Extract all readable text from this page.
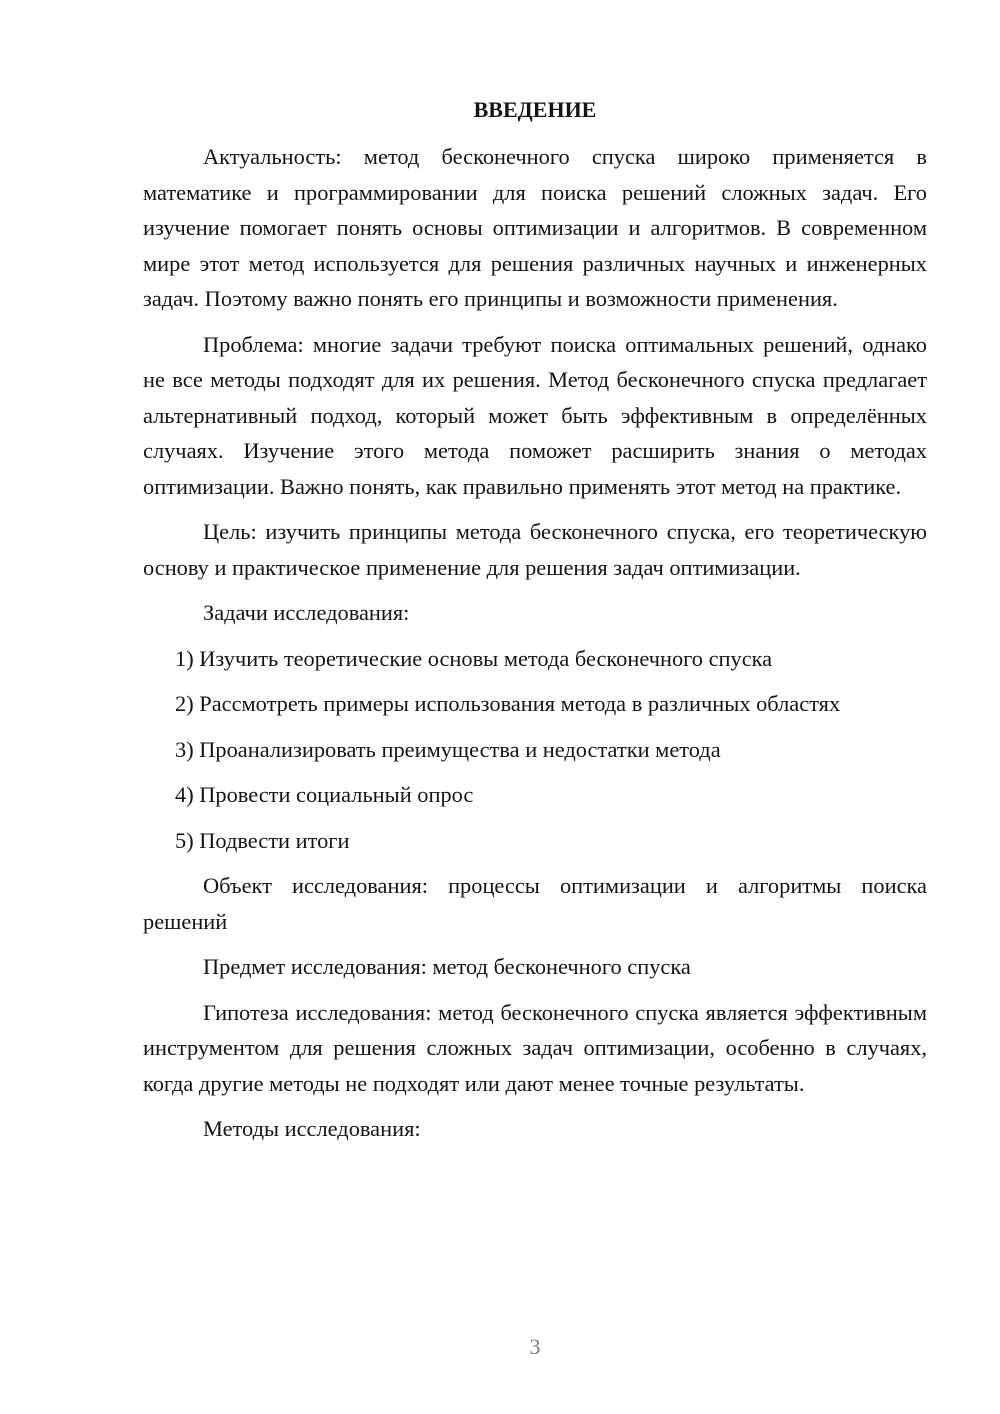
ВВЕДЕНИЕ

Актуальность: метод бесконечного спуска широко применяется в математике и программировании для поиска решений сложных задач. Его изучение помогает понять основы оптимизации и алгоритмов. В современном мире этот метод используется для решения различных научных и инженерных задач. Поэтому важно понять его принципы и возможности применения.

Проблема: многие задачи требуют поиска оптимальных решений, однако не все методы подходят для их решения. Метод бесконечного спуска предлагает альтернативный подход, который может быть эффективным в определённых случаях. Изучение этого метода поможет расширить знания о методах оптимизации. Важно понять, как правильно применять этот метод на практике.

Цель: изучить принципы метода бесконечного спуска, его теоретическую основу и практическое применение для решения задач оптимизации.

Задачи исследования:

1) Изучить теоретические основы метода бесконечного спуска

2) Рассмотреть примеры использования метода в различных областях

3) Проанализировать преимущества и недостатки метода

4) Провести социальный опрос

5) Подвести итоги

Объект исследования: процессы оптимизации и алгоритмы поиска решений

Предмет исследования: метод бесконечного спуска

Гипотеза исследования: метод бесконечного спуска является эффективным инструментом для решения сложных задач оптимизации, особенно в случаях, когда другие методы не подходят или дают менее точные результаты.

Методы исследования:

3
